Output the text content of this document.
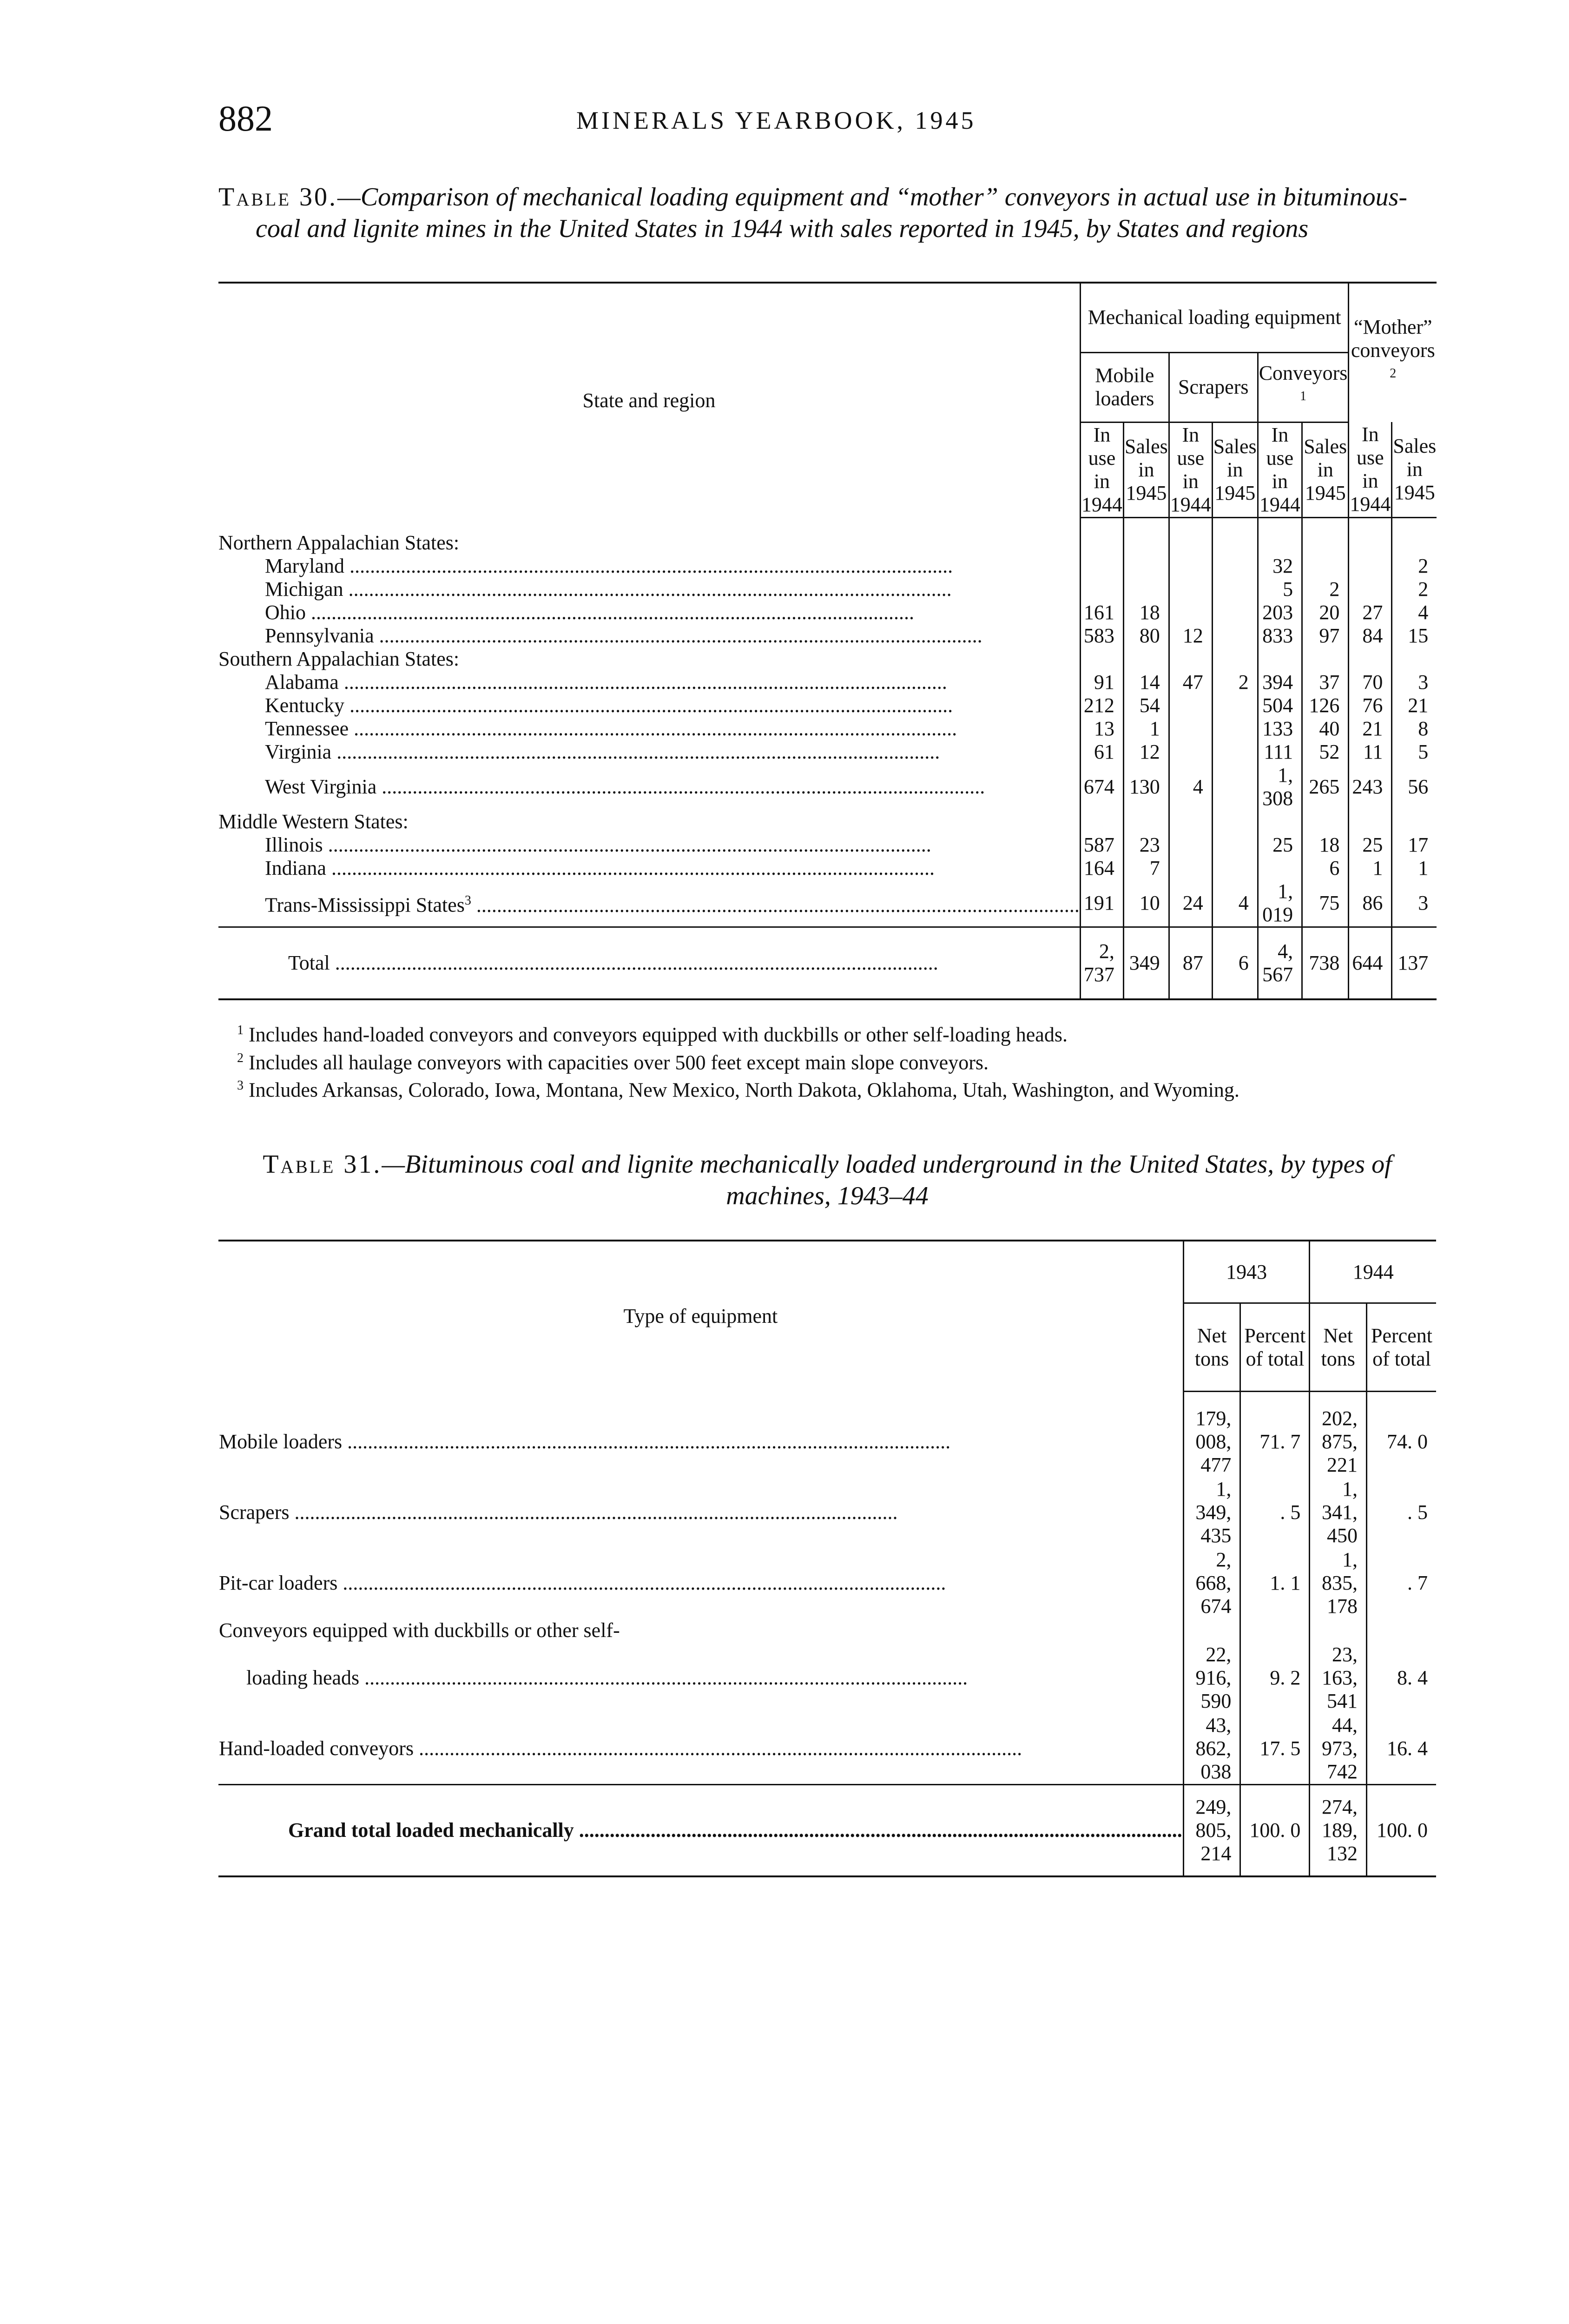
882	MINERALS YEARBOOK, 1945
Table 30.—Comparison of mechanical loading equipment and “mother” conveyors in actual use in bituminous-coal and lignite mines in the United States in 1944 with sales reported in 1945, by States and regions
State and region	Mechanical loading equipment						“Mother” conveyors $^2$
	Mobile loaders		Scrapers		Conveyors $^1$
	In use
in 1944	Sales
in 1945	In use
in 1944	Sales
in 1945	In use
in 1944	Sales
in 1945	In use
in 1944	Sales
in 1945

Northern Appalachian States:								
Maryland .....					32			2
Michigan .....					5	2		2
Ohio .....	161	18			203	20	27	4
Pennsylvania .....	583	80	12		833	97	84	15
Southern Appalachian States:								
Alabama .....	91	14	47	2	394	37	70	3
Kentucky .....	212	54			504	126	76	21
Tennessee .....	13	1			133	40	21	8
Virginia .....	61	12			111	52	11	5
West Virginia .....	674	130	4		1, 308	265	243	56
Middle Western States:								
Illinois .....	587	23			25	18	25	17
Indiana .....	164	7				6	1	1
Trans-Mississippi States$^3$ .....	191	10	24	4	1, 019	75	86	3
Total .....	2, 737	349	87	6	4, 567	738	644	137

$^1$ Includes hand-loaded conveyors and conveyors equipped with duckbills or other self-loading heads.

$^2$ Includes all haulage conveyors with capacities over 500 feet except main slope conveyors.

$^3$ Includes Arkansas, Colorado, Iowa, Montana, New Mexico, North Dakota, Oklahoma, Utah, Washington, and Wyoming.

Table 31.—Bituminous coal and lignite mechanically loaded underground in the United States, by types of machines, 1943–44
Type of equipment	1943		1944	
	Net tons	Percent
of total	Net tons	Percent
of total

Mobile loaders .....	179, 008, 477	71. 7	202, 875, 221	74. 0
Scrapers .....	1, 349, 435	. 5	1, 341, 450	. 5
Pit-car loaders .....	2, 668, 674	1. 1	1, 835, 178	. 7
Conveyors equipped with duckbills or other self-				
loading heads .....	22, 916, 590	9. 2	23, 163, 541	8. 4
Hand-loaded conveyors .....	43, 862, 038	17. 5	44, 973, 742	16. 4
Grand total loaded mechanically .....	249, 805, 214	100. 0	274, 189, 132	100. 0
